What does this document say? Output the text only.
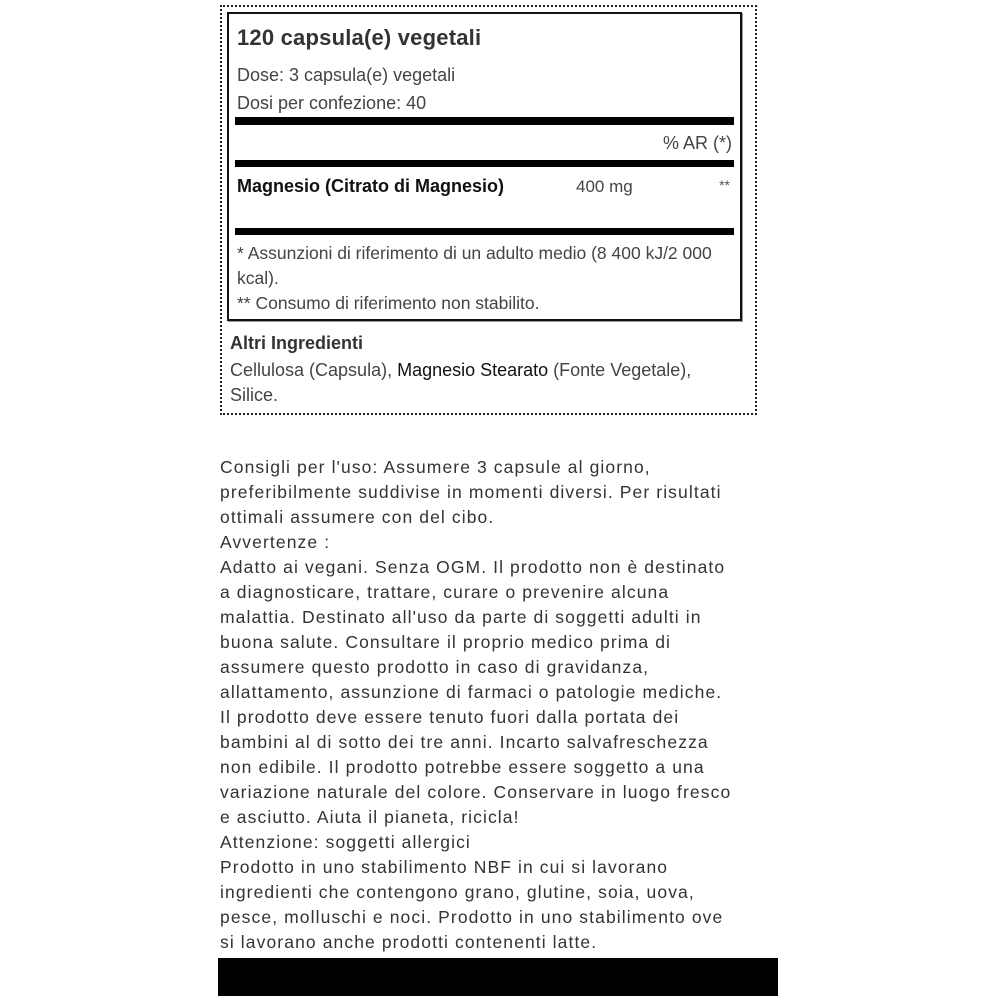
120 capsula(e) vegetali
Dose: 3 capsula(e) vegetali
Dosi per confezione: 40
% AR (*)
Magnesio (Citrato di Magnesio)	400 mg	**
* Assunzioni di riferimento di un adulto medio (8 400 kJ/2 000 kcal).
** Consumo di riferimento non stabilito.
Altri Ingredienti
Cellulosa (Capsula), Magnesio Stearato (Fonte Vegetale), Silice.
Consigli per l'uso: Assumere 3 capsule al giorno,
preferibilmente suddivise in momenti diversi. Per risultati
ottimali assumere con del cibo.
Avvertenze :
Adatto ai vegani. Senza OGM. Il prodotto non è destinato
a diagnosticare, trattare, curare o prevenire alcuna
malattia. Destinato all'uso da parte di soggetti adulti in
buona salute. Consultare il proprio medico prima di
assumere questo prodotto in caso di gravidanza,
allattamento, assunzione di farmaci o patologie mediche.
Il prodotto deve essere tenuto fuori dalla portata dei
bambini al di sotto dei tre anni. Incarto salvafreschezza
non edibile. Il prodotto potrebbe essere soggetto a una
variazione naturale del colore. Conservare in luogo fresco
e asciutto. Aiuta il pianeta, ricicla!
Attenzione: soggetti allergici
Prodotto in uno stabilimento NBF in cui si lavorano
ingredienti che contengono grano, glutine, soia, uova,
pesce, molluschi e noci. Prodotto in uno stabilimento ove
si lavorano anche prodotti contenenti latte.
